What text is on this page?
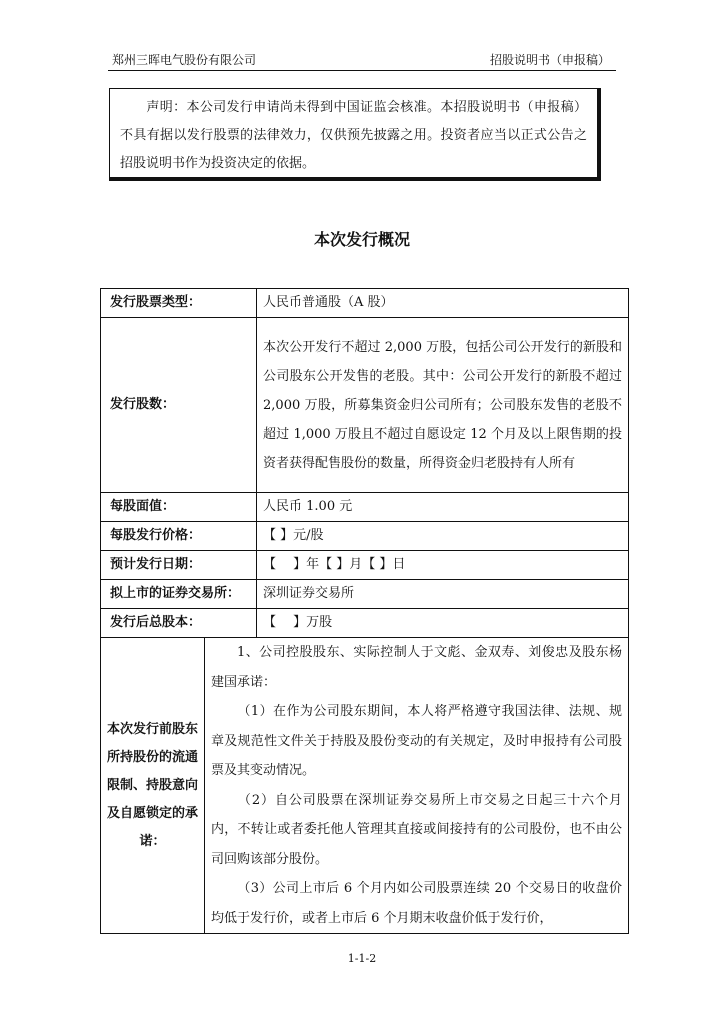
郑州三晖电气股份有限公司	招股说明书（申报稿）
声明：本公司发行申请尚未得到中国证监会核准。本招股说明书（申报稿）不具有据以发行股票的法律效力，仅供预先披露之用。投资者应当以正式公告之招股说明书作为投资决定的依据。
本次发行概况
发行股票类型：		人民币普通股（A 股）
发行股数：		本次公开发行不超过 2,000 万股，包括公司公开发行的新股和公司股东公开发售的老股。其中：公司公开发行的新股不超过 2,000 万股，所募集资金归公司所有；公司股东发售的老股不超过 1,000 万股且不超过自愿设定 12 个月及以上限售期的投资者获得配售股份的数量，所得资金归老股持有人所有
每股面值：		人民币 1.00 元
每股发行价格：		【 】元/股
预计发行日期：		【　 】年【 】月【 】日
拟上市的证券交易所：		深圳证券交易所
发行后总股本：		【　 】万股
本次发行前股东所持股份的流通限制、持股意向及自愿锁定的承诺：	1、公司控股股东、实际控制人于文彪、金双寿、刘俊忠及股东杨建国承诺：

（1）在作为公司股东期间，本人将严格遵守我国法律、法规、规章及规范性文件关于持股及股份变动的有关规定，及时申报持有公司股票及其变动情况。

（2）自公司股票在深圳证券交易所上市交易之日起三十六个月内，不转让或者委托他人管理其直接或间接持有的公司股份，也不由公司回购该部分股份。

（3）公司上市后 6 个月内如公司股票连续 20 个交易日的收盘价均低于发行价，或者上市后 6 个月期末收盘价低于发行价，	

1-1-2
